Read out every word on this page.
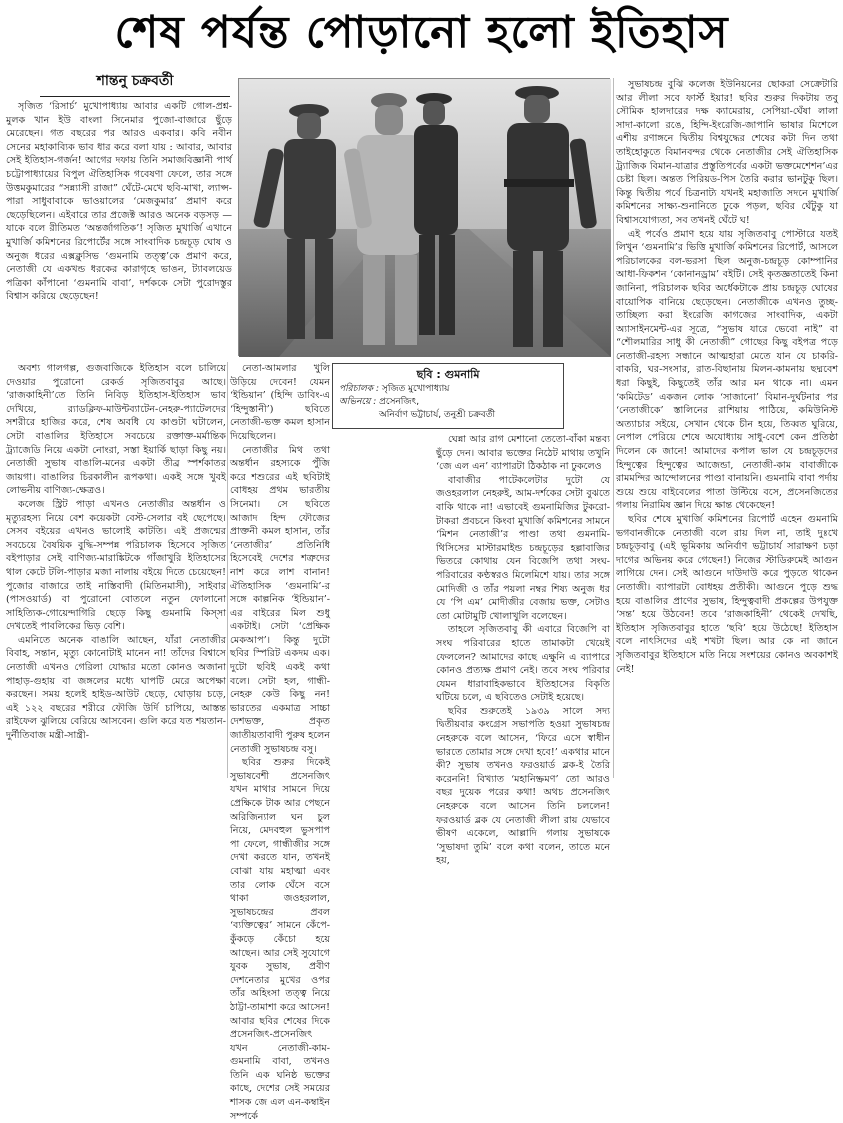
শেষ পর্যন্ত পোড়ানো হলো ইতিহাস
শান্তনু চক্রবর্তী
ছবি : গুমনামি
পরিচালক : সৃজিত মুখোপাধ্যায়
অভিনয়ে : প্রসেনজিৎ,
অনির্বাণ ভট্টাচার্য, তনুশ্রী চক্রবর্তী

সৃজিত ‘রিসার্চ’ মুখোপাধ্যায় আবার একটি গোল-প্রশ্ন-মুলক খান ইউ বাংলা সিনেমার পুজো-বাজারে ছুঁড়ে মেরেছেন। গত বছরের পর আরও একবার। কবি নবীন সেনের মহাকাব্যিক ভাব ধার করে বলা যায় : আবার, আবার সেই ইতিহাস-গর্জন! আগের দফায় তিনি সমাজবিজ্ঞানী পার্থ চট্টোপাধ্যায়ের বিপুল ঐতিহাসিক গবেষণা ফেলে, তার সঙ্গে উত্তমকুমারের “সন্ন্যাসী রাজা” ঘেঁটে-মেখে ছবি-মাখা, ল্যাপ্স-পারা সাধুবাবাকে ভাওয়ালের ‘মেজকুমার’ প্রমাণ করে ছেড়েছিলেন। এইবারে তার প্রজেক্ট আরও অনেক বড়সড় — যাকে বলে রীতিমত ‘অন্তর্জাগতিক’! সৃজিত মুখার্জি এখানে মুখার্জি কমিশনের রিপোর্টের সঙ্গে সাংবাদিক চন্দ্রচূড় ঘোষ ও অনুজ ধরের এক্সক্লুসিভ ‘গুমনামি তত্ত্ব’কে প্রমাণ করে, নেতাজী যে একখন্ড ধরকের কারাগৃহে ভাঙন, ট্যাবলয়েড পত্রিকা কাঁপানো ‘গুমনামি বাবা’, দর্শককে সেটা পুরোদস্তুর বিশ্বাস করিয়ে ছেড়েছেন!

অবশ্য গালগল্প, গুজবাজিকে ইতিহাস বলে চালিয়ে দেওয়ার পুরোনো রেকর্ড সৃজিতবাবুর আছে। ‘রাজকাহিনী’তে তিনি নিবিড় ইতিহাস-ইতিহাস ভাব দেখিয়ে, র‍্যাডক্লিফ-মাউন্টব্যাটেন-নেহরু-প্যাটেলদের সশরীরে হাজির করে, শেষ অবধি যে কাণ্ডটা ঘটালেন, সেটা বাঙালির ইতিহাসে সবচেয়ে রক্তাক্ত-মর্মান্তিক ট্র্যাজেডি নিয়ে একটা নোংরা, সস্তা ইয়ার্কি ছাড়া কিছু নয়। নেতাজী সুভাষ বাঙালি-মনের একটা তীব্র স্পর্শকাতর জায়গা। বাঙালির চিরকালীন রূপকথা। একই সঙ্গে খুবই লোভনীয় বাণিজ্য-ক্ষেত্রও।

কলেজ স্ট্রিট পাড়া এখনও নেতাজীর অন্তর্ধান ও মৃত্যুরহস্য নিয়ে বেশ কয়েকটা বেস্ট-সেলার বই ছেপেছে। সেসব বইয়ের এখনও ভালোই কাটতি। এই প্রজন্মের সবচেয়ে বৈষয়িক বুদ্ধি-সম্পন্ন পরিচালক হিসেবে সৃজিত বইপাড়ার সেই বাণিজ্য-মারাঙ্কিটকে গাঁজাখুরি ইতিহাসের থাল কেটে টলি-পাড়ার মজা নালায় বইয়ে দিতে চেয়েছেন! পুজোর বাজারে তাই নাস্তিবাদী (মিতিনমাসী), সাইবার (পাসওয়ার্ড) বা পুরোনো বোতলে নতুন ফোলানো সাহিত্যিক-গোয়েন্দাগিরি ছেড়ে কিছু গুমনামি কিস্সা দেখতেই পাবলিকের ভিড় বেশি।

এমনিতে অনেক বাঙালি আছেন, যাঁরা নেতাজীর বিবাহ, সন্তান, মৃত্যু কোনোটাই মানেন না! তাঁদের বিশ্বাসে নেতাজী এখনও গেরিলা যোদ্ধার মতো কোনও অজানা পাহাড়-গুহায় বা জঙ্গলের মধ্যে ঘাপটি মেরে অপেক্ষা করছেন। সময় হলেই হাইড-আউট ছেড়ে, ঘোড়ায় চড়ে, এই ১২২ বছরের শরীরে ফৌজি উর্দি চাপিয়ে, আস্তন্ত রাইফেল ঝুলিয়ে বেরিয়ে আসবেন। গুলি করে যত শয়তান-দুর্নীতিবাজ মন্ত্রী-সান্ত্রী-

নেতা-আমলার খুলি উড়িয়ে দেবেন! যেমন ‘ইন্ডিয়ান’ (হিন্দি ডাবিং-এ ‘হিন্দুস্তানী’) ছবিতে নেতাজী-ভক্ত কমল হাসান দিয়েছিলেন।

নেতাজীর মিথ তথা অন্তর্ধান রহস্যকে পুঁজি করে শশুরের এই ছবিটাই বোধহয় প্রথম ভারতীয় সিনেমা। সে ছবিতে আজাদ হিন্দ ফৌজের প্রাক্তনী কমল হাসান, তাঁর ‘নেতাজীর’ প্রতিনিধি হিসেবেই দেশের শত্রুদের নাশ করে লাশ বানান! ঐতিহাসিক ‘গুমনামি’-র সঙ্গে কাল্পনিক ‘ইন্ডিয়ান’-এর বাইরের মিল শুধু একটাই। সেটা ‘প্রেক্ষিক মেকআপ’। কিন্তু দুটো ছবির স্পিরিট একদম এক। দুটো ছবিই একই কথা বলে। সেটা হল, গান্ধী-নেহরু কেউ কিছু নন! ভারতের একমাত্র সাচ্চা দেশভক্ত, প্রকৃত জাতীয়তাবাদী পুরুষ হলেন নেতাজী সুভাষচন্দ্র বসু।

ছবির শুরুর দিকেই সুভাষবেশী প্রসেনজিৎ যখন মাথার সামনে দিয়ে প্রেক্ষিকে টাক আর পেছনে অরিজিন্যাল ঘন চুল নিয়ে, মেদবহুল ভুসপাপ পা ফেলে, গান্ধীজীর সঙ্গে দেখা করতে যান, তখনই বোঝা যায় মহাত্মা এবং তার লোক ঘেঁসে বসে থাকা জওহরলাল, সুভাষচন্দ্রের প্রবল ‘ব্যক্তিত্বের’ সামনে কেঁপে-কুঁকড়ে কেঁচো হয়ে আছেন। আর সেই সুযোগে যুবক সুভাষ, প্রবীণ দেশনেতার মুখের ওপর তাঁর অহিংসা তত্ত্ব নিয়ে ঠাট্টা-তামাশা করে আসেন! আবার ছবির শেষের দিকে প্রসেনজিৎ-প্রসেনজিৎ যখন নেতাজী-কাম-গুমনামি বাবা, তখনও তিনি এক ঘনিষ্ঠ ভক্তের কাছে, দেশের সেই সময়ের শাসক জে এল এন-কম্বাইন সম্পর্কে

ঘেন্না আর রাগ মেশানো তেতো-বাঁকা মন্তব্য ছুঁড়ে দেন। আবার ভক্তের নিঠেট মাথায় তখুনি ‘জে এল এন’ ব্যাপারটা ঠিকঠাক না ঢুকলেও

বাবাজীর পাটেকলেটার দুটো যে জওহরলাল নেহরুই, আম-দর্শকের সেটা বুঝতে বাকি থাকে না! এভাবেই গুমনামিজির টুকরো-টাকরা প্রবচনে কিংবা মুখার্জি কমিশনের সামনে ‘মিশন নেতাজী’র পাণ্ডা তথা গুমনামি-থিসিসের মাস্টারমাইন্ড চন্দ্রচূড়ের হল্লাবাজির ভিতরে কোথায় যেন বিজেপি তথা সংঘ-পরিবারের কণ্ঠস্বরও মিলেমিশে যায়। তার সঙ্গে মোদিজী ও তাঁর পয়লা নম্বর শিষ্য অনুজ ধর যে ‘পি এম’ মোদীজীর বেজায় ভক্ত, সেটাও তো মোটামুটি খোলাখুলি বলেছেন।

তাহলে সৃজিতবাবু কী এবারে বিজেপি বা সংঘ পরিবারের হাতে তামাকটা খেয়েই ফেললেন? আমাদের কাছে এক্ষুনি এ ব্যাপারে কোনও প্রত্যক্ষ প্রমাণ নেই। তবে সংঘ পরিবার যেমন ধারাবাহিকভাবে ইতিহাসের বিকৃতি ঘটিয়ে চলে, এ ছবিতেও সেটাই হয়েছে।

ছবির শুরুতেই ১৯৩৯ সালে সদ্য দ্বিতীয়বার কংগ্রেস সভাপতি হওয়া সুভাষচন্দ্র নেহরুকে বলে আসেন, ‘ফিরে এসে স্বাধীন ভারতে তোমার সঙ্গে দেখা হবে!’ একথার মানে কী? সুভাষ তখনও ফরওয়ার্ড ব্লক-ই তৈরি করেননি! বিখ্যাত ‘মহানিষ্ক্রমণ’ তো আরও বছর দুয়েক পরের কথা! অথচ প্রসেনজিৎ নেহরুকে বলে আসেন তিনি চললেন! ফরওয়ার্ড ব্লক যে নেতাজী লীলা রায় যেভাবে ভীষণ একেলে, আল্লাদি গলায় সুভাষকে ‘সুভাষদা তুমি’ বলে কথা বলেন, তাতে মনে হয়,

সুভাষচন্দ্র বুঝি কলেজ ইউনিয়নের ছোকরা সেক্রেটারি আর লীলা সবে ফার্স্ট ইয়ার! ছবির শুরুর দিকটায় তবু সৌমিক হালদারের দক্ষ ক্যামেরায়, সেপিয়া-ঘেঁষা লালা সাদা-কালো রঙে, হিন্দি-ইংরেজি-জাপানি ভাষার মিশেলে এশীয় রণাঙ্গনে দ্বিতীয় বিশ্বযুদ্ধের শেষের কটা দিন তথা তাইহোকুতে বিমানবন্দর থেকে নেতাজীর সেই ঐতিহাসিক ট্র্যাজিক বিমান-যাত্রার প্রস্তুতিপর্বের একটা ভক্তমেশেশন’এর চেষ্টা ছিল। অন্তত পিরিয়ড-পিস তৈরি করার ভানটুকু ছিল। কিন্তু দ্বিতীয় পর্বে চিত্রনাট্য যখনই মহাজাতি সদনে মুখার্জি কমিশনের সাক্ষ্য-শুনানিতে ঢুকে পড়ল, ছবির ঘেঁটুকু যা বিশ্বাসযোগ্যতা, সব তখনই ঘেঁটে ঘ!

এই পর্বেও প্রমাণ হয়ে যায় সৃজিতবাবু পোস্টারে যতই লিখুন ‘গুমনামি’র ভিত্তি মুখার্জি কমিশনের রিপোর্ট, আসলে পরিচালকের বল-ভরসা ছিল অনুজ-চন্দ্রচূড় কোম্পানির আধা-ফিকশন ‘কোনানড্রাম’ বইটি। সেই কৃতজ্ঞতাতেই কিনা জানিনা, পরিচালক ছবির অর্ধেকটাকে প্রায় চন্দ্রচূড় ঘোষের বায়োপিক বানিয়ে ছেড়েছেন। নেতাজীকে এখনও তুচ্ছ-তাচ্ছিল্য করা ইংরেজি কাগজের সাংবাদিক, একটা অ্যাসাইনমেন্ট-এর সূত্রে, “সুভাষ যারে ভেবো নাই” বা “শৌলমারির সাধু কী নেতাজী” গোছের কিছু বইপত্র পড়ে নেতাজী-রহস্য সন্ধানে আত্মহারা মেতে যান যে চাকরি-বাকরি, ঘর-সংসার, রাত-বিছানায় মিলন-কামনায় ছদ্মবেশ ধরা কিছুই, কিছুতেই তাঁর আর মন থাকে না। এমন ‘কমিটেড’ একজন লোক ‘সাজানো’ বিমান-দুর্ঘটনার পর ‘নেতাজীকে’ স্তালিনের রাশিয়ায় পাঠিয়ে, কমিউনিস্ট অত্যাচার সইয়ে, সেখান থেকে চীন হয়ে, তিব্বত ঘুরিয়ে, নেপাল পেরিয়ে শেষে অযোধ্যায় সাধু-বেশে কেন প্রতিষ্ঠা দিলেন কে জানে! আমাদের কপাল ভাল যে চন্দ্রচূড়দের হিন্দুত্বের হিন্দুত্বের আজেন্ডা, নেতাজী-কাম বাবাজীকে রামমন্দির আন্দোলনের পাণ্ডা বানায়নি। গুমনামি বাবা পর্দায় শুয়ে শুয়ে বাইবেলের পাতা উল্টিয়ে বসে, প্রসেনজিতের গলায় নিরামিষ জ্ঞান দিয়ে ক্ষান্ত থেকেছেন!

ছবির শেষে মুখার্জি কমিশনের রিপোর্ট এহেন গুমনামি ভগবানজীকে নেতাজী বলে রায় দিল না, তাই দুঃখে চন্দ্রচূড়বাবু (এই ভূমিকায় অনির্বাণ ভট্টাচার্য সারাক্ষণ চড়া দাগের অভিনয় করে গেছেন!) নিজের স্টাডিরুমেই আগুন লাগিয়ে দেন। সেই আগুনে দাউদাউ করে পুড়তে থাকেন নেতাজী। ব্যাপারটা বোধহয় প্রতীকী। আগুনে পুড়ে শুদ্ধ হয়ে বাঙালির প্রাণের সুভাষ, হিন্দুত্ববাদী প্রকল্পের উপযুক্ত ‘সন্ত’ হয়ে উঠবেন! তবে ‘রাজকাহিনী’ থেকেই দেখছি, ইতিহাস সৃজিতবাবুর হাতে ‘ছবি’ হয়ে উঠেছে! ইতিহাস বলে নাৎসিদের এই শখটা ছিল। আর কে না জানে সৃজিতবাবুর ইতিহাসে মতি নিয়ে সংশয়ের কোনও অবকাশই নেই!
